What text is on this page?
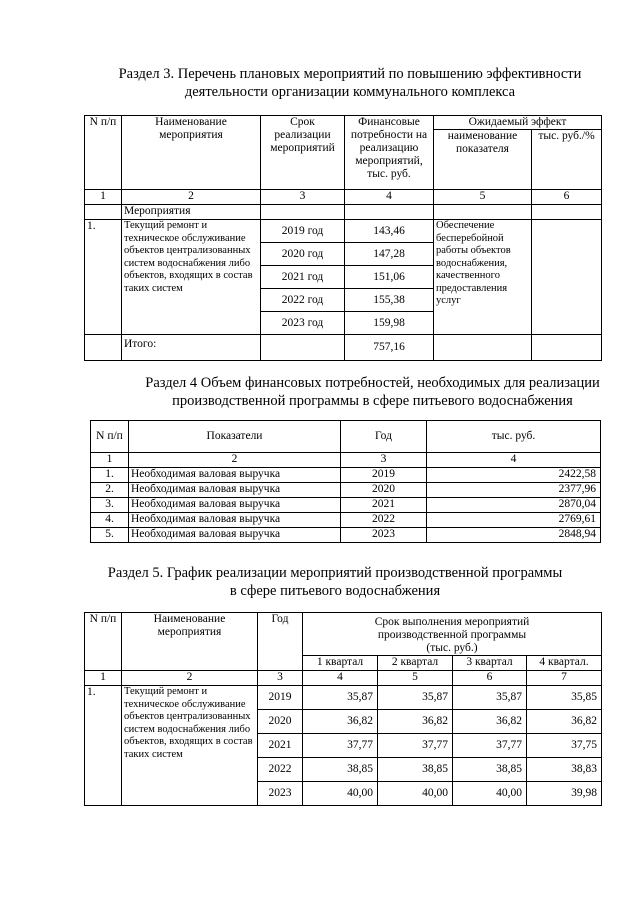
Раздел 3. Перечень плановых мероприятий по повышению эффективности
деятельности организации коммунального комплекса
N п/п	Наименование мероприятия	Срок реализации мероприятий	Финансовые потребности на реализацию мероприятий, тыс. руб.	Ожидаемый эффект	
				наименование показателя	тыс. руб./%
1	2	3	4	5	6
	Мероприятия				
1.	Текущий ремонт и техническое обслуживание объектов централизованных систем водоснабжения либо объектов, входящих в состав таких систем	2019 год	143,46	Обеспечение бесперебойной работы объектов водоснабжения, качественного предоставления услуг	
		2020 год	147,28		
		2021 год	151,06		
		2022 год	155,38		
		2023 год	159,98		
	Итого:		757,16		
Раздел 4 Объем финансовых потребностей, необходимых для реализации
производственной программы в сфере питьевого водоснабжения
N п/п	Показатели	Год	тыс. руб.
1	2	3	4
1.	Необходимая валовая выручка	2019	2422,58
2.	Необходимая валовая выручка	2020	2377,96
3.	Необходимая валовая выручка	2021	2870,04
4.	Необходимая валовая выручка	2022	2769,61
5.	Необходимая валовая выручка	2023	2848,94
Раздел 5. График реализации мероприятий производственной программы
в сфере питьевого водоснабжения
N п/п	Наименование мероприятия	Год	Срок выполнения мероприятий производственной программы (тыс. руб.)			
			1 квартал	2 квартал	3 квартал	4 квартал.
1	2	3	4	5	6	7
1.	Текущий ремонт и техническое обслуживание объектов централизованных систем водоснабжения либо объектов, входящих в состав таких систем	2019	35,87	35,87	35,87	35,85
		2020	36,82	36,82	36,82	36,82
		2021	37,77	37,77	37,77	37,75
		2022	38,85	38,85	38,85	38,83
		2023	40,00	40,00	40,00	39,98
